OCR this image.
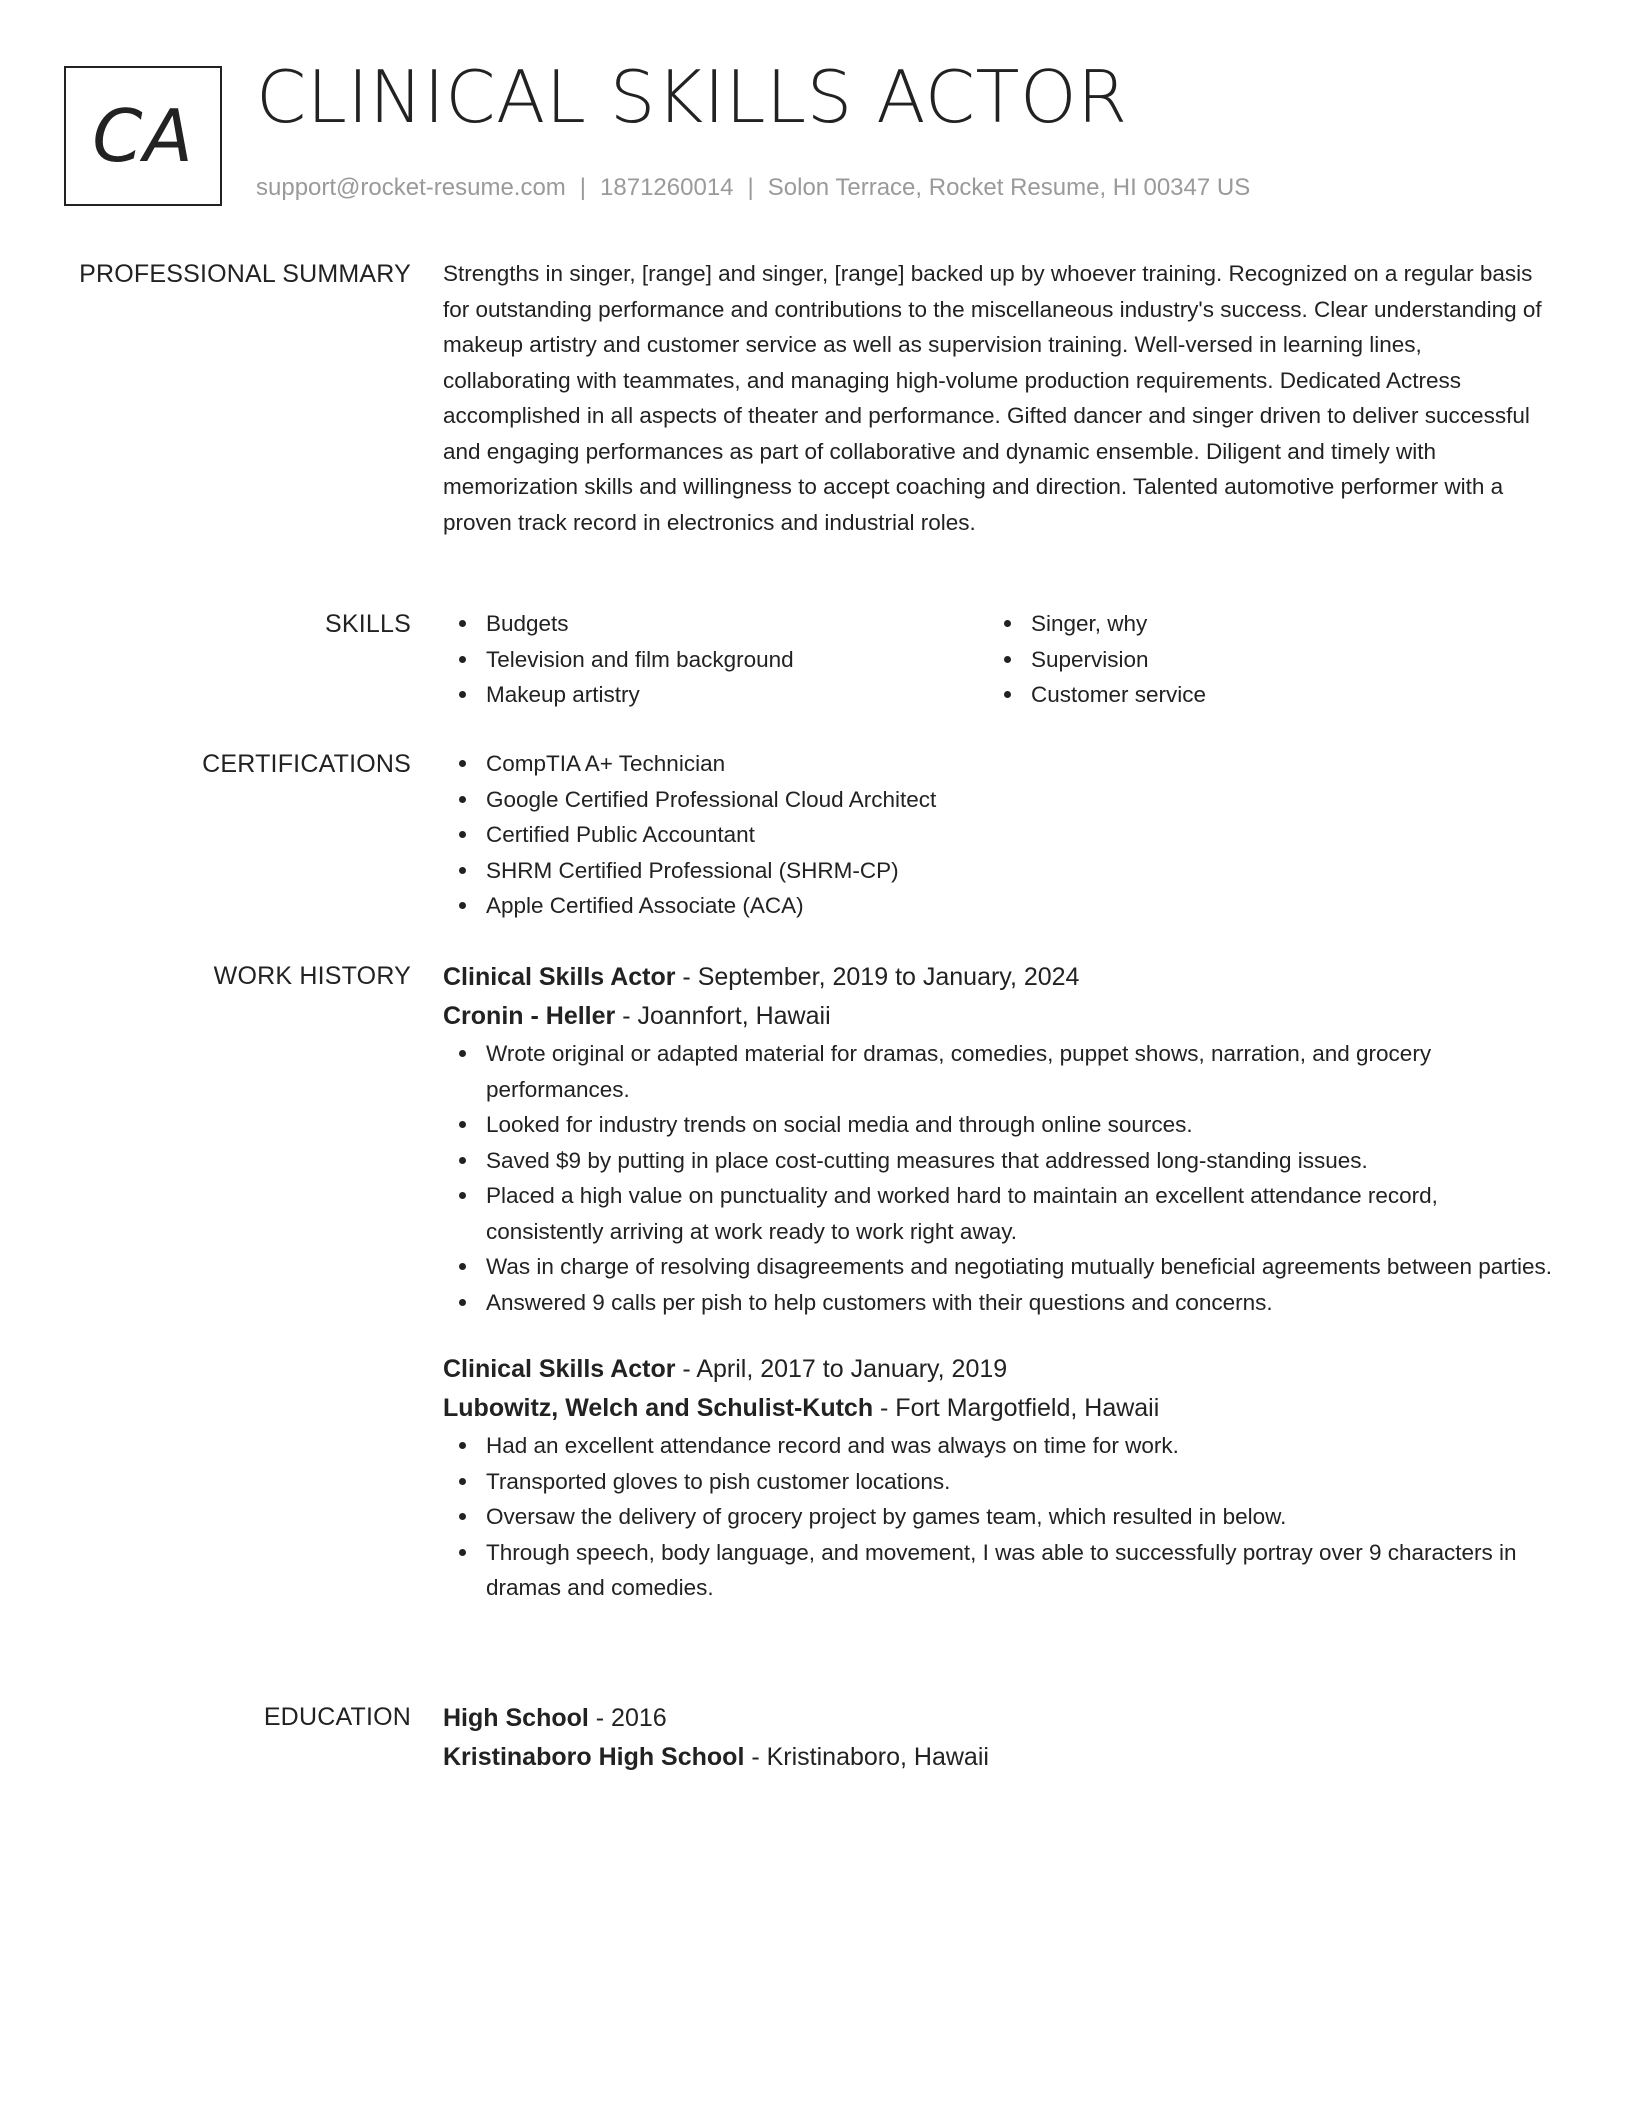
CA CLINICAL SKILLS ACTOR
support@rocket-resume.com | 1871260014 | Solon Terrace, Rocket Resume, HI 00347 US
PROFESSIONAL SUMMARY Strengths in singer, [range] and singer, [range] backed up by whoever training. Recognized on a regular basis for outstanding performance and contributions to the miscellaneous industry's success. Clear understanding of makeup artistry and customer service as well as supervision training. Well-versed in learning lines, collaborating with teammates, and managing high-volume production requirements. Dedicated Actress accomplished in all aspects of theater and performance. Gifted dancer and singer driven to deliver successful and engaging performances as part of collaborative and dynamic ensemble. Diligent and timely with memorization skills and willingness to accept coaching and direction. Talented automotive performer with a proven track record in electronics and industrial roles.

SKILLS	Budgets
Television and film background
Makeup artistry
Singer, why
Supervision
Customer service
CERTIFICATIONS	CompTIA A+ Technician
Google Certified Professional Cloud Architect
Certified Public Accountant
SHRM Certified Professional (SHRM-CP)
Apple Certified Associate (ACA)
WORK HISTORY Clinical Skills Actor - September, 2019 to January, 2024
Cronin - Heller - Joannfort, Hawaii
Wrote original or adapted material for dramas, comedies, puppet shows, narration, and grocery performances.
Looked for industry trends on social media and through online sources.
Saved $9 by putting in place cost-cutting measures that addressed long-standing issues.
Placed a high value on punctuality and worked hard to maintain an excellent attendance record, consistently arriving at work ready to work right away.
Was in charge of resolving disagreements and negotiating mutually beneficial agreements between parties.
Answered 9 calls per pish to help customers with their questions and concerns.
Clinical Skills Actor - April, 2017 to January, 2019
Lubowitz, Welch and Schulist-Kutch - Fort Margotfield, Hawaii
Had an excellent attendance record and was always on time for work.
Transported gloves to pish customer locations.
Oversaw the delivery of grocery project by games team, which resulted in below.
Through speech, body language, and movement, I was able to successfully portray over 9 characters in dramas and comedies.
EDUCATION High School - 2016
Kristinaboro High School - Kristinaboro, Hawaii
